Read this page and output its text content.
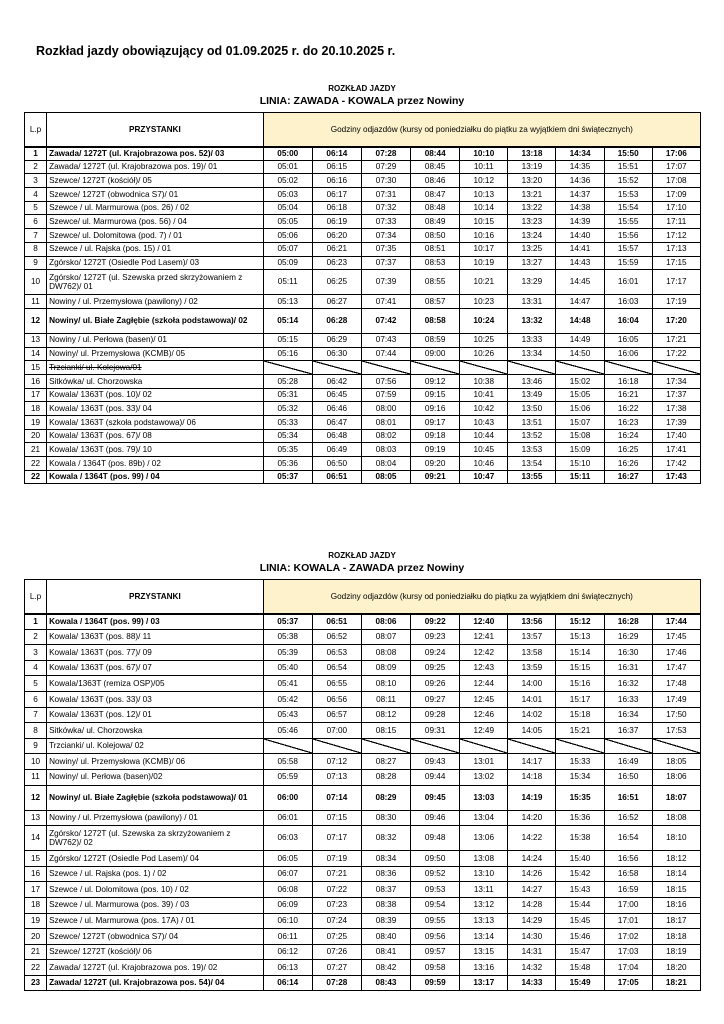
Rozkład jazdy obowiązujący od 01.09.2025 r. do 20.10.2025 r.
ROZKŁAD JAZDY
LINIA: ZAWADA - KOWALA przez Nowiny
L.p	PRZYSTANKI	Godziny odjazdów (kursy od poniedziałku do piątku za wyjątkiem dni świątecznych)								
1	Zawada/ 1272T (ul. Krajobrazowa pos. 52)/ 03	05:00	06:14	07:28	08:44	10:10	13:18	14:34	15:50	17:06
2	Zawada/ 1272T (ul. Krajobrazowa pos. 19)/ 01	05:01	06:15	07:29	08:45	10:11	13:19	14:35	15:51	17:07
3	Szewce/ 1272T (kościół)/ 05	05:02	06:16	07:30	08:46	10:12	13:20	14:36	15:52	17:08
4	Szewce/ 1272T (obwodnica S7)/ 01	05:03	06:17	07:31	08:47	10:13	13:21	14:37	15:53	17:09
5	Szewce / ul. Marmurowa (pos. 26) / 02	05:04	06:18	07:32	08:48	10:14	13:22	14:38	15:54	17:10
6	Szewce/ ul. Marmurowa (pos. 56) / 04	05:05	06:19	07:33	08:49	10:15	13:23	14:39	15:55	17:11
7	Szewce/ ul. Dolomitowa (pod. 7) / 01	05:06	06:20	07:34	08:50	10:16	13:24	14:40	15:56	17:12
8	Szewce / ul. Rajska (pos. 15) / 01	05:07	06:21	07:35	08:51	10:17	13:25	14:41	15:57	17:13
9	Zgórsko/ 1272T (Osiedle Pod Lasem)/ 03	05:09	06:23	07:37	08:53	10:19	13:27	14:43	15:59	17:15
10	Zgórsko/ 1272T (ul. Szewska przed skrzyżowaniem z DW762)/ 01	05:11	06:25	07:39	08:55	10:21	13:29	14:45	16:01	17:17
11	Nowiny / ul. Przemysłowa (pawilony) / 02	05:13	06:27	07:41	08:57	10:23	13:31	14:47	16:03	17:19
12	Nowiny/ ul. Białe Zagłębie (szkoła podstawowa)/ 02	05:14	06:28	07:42	08:58	10:24	13:32	14:48	16:04	17:20
13	Nowiny / ul. Perłowa (basen)/ 01	05:15	06:29	07:43	08:59	10:25	13:33	14:49	16:05	17:21
14	Nowiny/ ul. Przemysłowa (KCMB)/ 05	05:16	06:30	07:44	09:00	10:26	13:34	14:50	16:06	17:22
15	Trzcianki/ ul. Kolejowa/01									
16	Sitkówka/ ul. Chorzowska	05:28	06:42	07:56	09:12	10:38	13:46	15:02	16:18	17:34
17	Kowala/ 1363T (pos. 10)/ 02	05:31	06:45	07:59	09:15	10:41	13:49	15:05	16:21	17:37
18	Kowala/ 1363T (pos. 33)/ 04	05:32	06:46	08:00	09:16	10:42	13:50	15:06	16:22	17:38
19	Kowala/ 1363T (szkoła podstawowa)/ 06	05:33	06:47	08:01	09:17	10:43	13:51	15:07	16:23	17:39
20	Kowala/ 1363T (pos. 67)/ 08	05:34	06:48	08:02	09:18	10:44	13:52	15:08	16:24	17:40
21	Kowala/ 1363T (pos. 79)/ 10	05:35	06:49	08:03	09:19	10:45	13:53	15:09	16:25	17:41
22	Kowala / 1364T (pos. 89b) / 02	05:36	06:50	08:04	09:20	10:46	13:54	15:10	16:26	17:42
22	Kowala / 1364T (pos. 99) / 04	05:37	06:51	08:05	09:21	10:47	13:55	15:11	16:27	17:43
ROZKŁAD JAZDY
LINIA: KOWALA - ZAWADA przez Nowiny
L.p	PRZYSTANKI	Godziny odjazdów (kursy od poniedziałku do piątku za wyjątkiem dni świątecznych)								
1	Kowala / 1364T (pos. 99) / 03	05:37	06:51	08:06	09:22	12:40	13:56	15:12	16:28	17:44
2	Kowala/ 1363T (pos. 88)/ 11	05:38	06:52	08:07	09:23	12:41	13:57	15:13	16:29	17:45
3	Kowala/ 1363T (pos. 77)/ 09	05:39	06:53	08:08	09:24	12:42	13:58	15:14	16:30	17:46
4	Kowala/ 1363T (pos. 67)/ 07	05:40	06:54	08:09	09:25	12:43	13:59	15:15	16:31	17:47
5	Kowala/1363T (remiza OSP)/05	05:41	06:55	08:10	09:26	12:44	14:00	15:16	16:32	17:48
6	Kowala/ 1363T (pos. 33)/ 03	05:42	06:56	08:11	09:27	12:45	14:01	15:17	16:33	17:49
7	Kowala/ 1363T (pos. 12)/ 01	05:43	06:57	08:12	09:28	12:46	14:02	15:18	16:34	17:50
8	Sitkówka/ ul. Chorzowska	05:46	07:00	08:15	09:31	12:49	14:05	15:21	16:37	17:53
9	Trzcianki/ ul. Kolejowa/ 02									
10	Nowiny/ ul. Przemysłowa (KCMB)/ 06	05:58	07:12	08:27	09:43	13:01	14:17	15:33	16:49	18:05
11	Nowiny/ ul. Perłowa (basen)/02	05:59	07:13	08:28	09:44	13:02	14:18	15:34	16:50	18:06
12	Nowiny/ ul. Białe Zagłębie (szkoła podstawowa)/ 01	06:00	07:14	08:29	09:45	13:03	14:19	15:35	16:51	18:07
13	Nowiny / ul. Przemysłowa (pawilony) / 01	06:01	07:15	08:30	09:46	13:04	14:20	15:36	16:52	18:08
14	Zgórsko/ 1272T (ul. Szewska za skrzyżowaniem z DW762)/ 02	06:03	07:17	08:32	09:48	13:06	14:22	15:38	16:54	18:10
15	Zgórsko/ 1272T (Osiedle Pod Lasem)/ 04	06:05	07:19	08:34	09:50	13:08	14:24	15:40	16:56	18:12
16	Szewce / ul. Rajska (pos. 1) / 02	06:07	07:21	08:36	09:52	13:10	14:26	15:42	16:58	18:14
17	Szewce / ul. Dolomitowa (pos. 10) / 02	06:08	07:22	08:37	09:53	13:11	14:27	15:43	16:59	18:15
18	Szewce / ul. Marmurowa (pos. 39) / 03	06:09	07:23	08:38	09:54	13:12	14:28	15:44	17:00	18:16
19	Szewce / ul. Marmurowa (pos. 17A) / 01	06:10	07:24	08:39	09:55	13:13	14:29	15:45	17:01	18:17
20	Szewce/ 1272T (obwodnica S7)/ 04	06:11	07:25	08:40	09:56	13:14	14:30	15:46	17:02	18:18
21	Szewce/ 1272T (kościół)/ 06	06:12	07:26	08:41	09:57	13:15	14:31	15:47	17:03	18:19
22	Zawada/ 1272T (ul. Krajobrazowa pos. 19)/ 02	06:13	07:27	08:42	09:58	13:16	14:32	15:48	17:04	18:20
23	Zawada/ 1272T (ul. Krajobrazowa pos. 54)/ 04	06:14	07:28	08:43	09:59	13:17	14:33	15:49	17:05	18:21
